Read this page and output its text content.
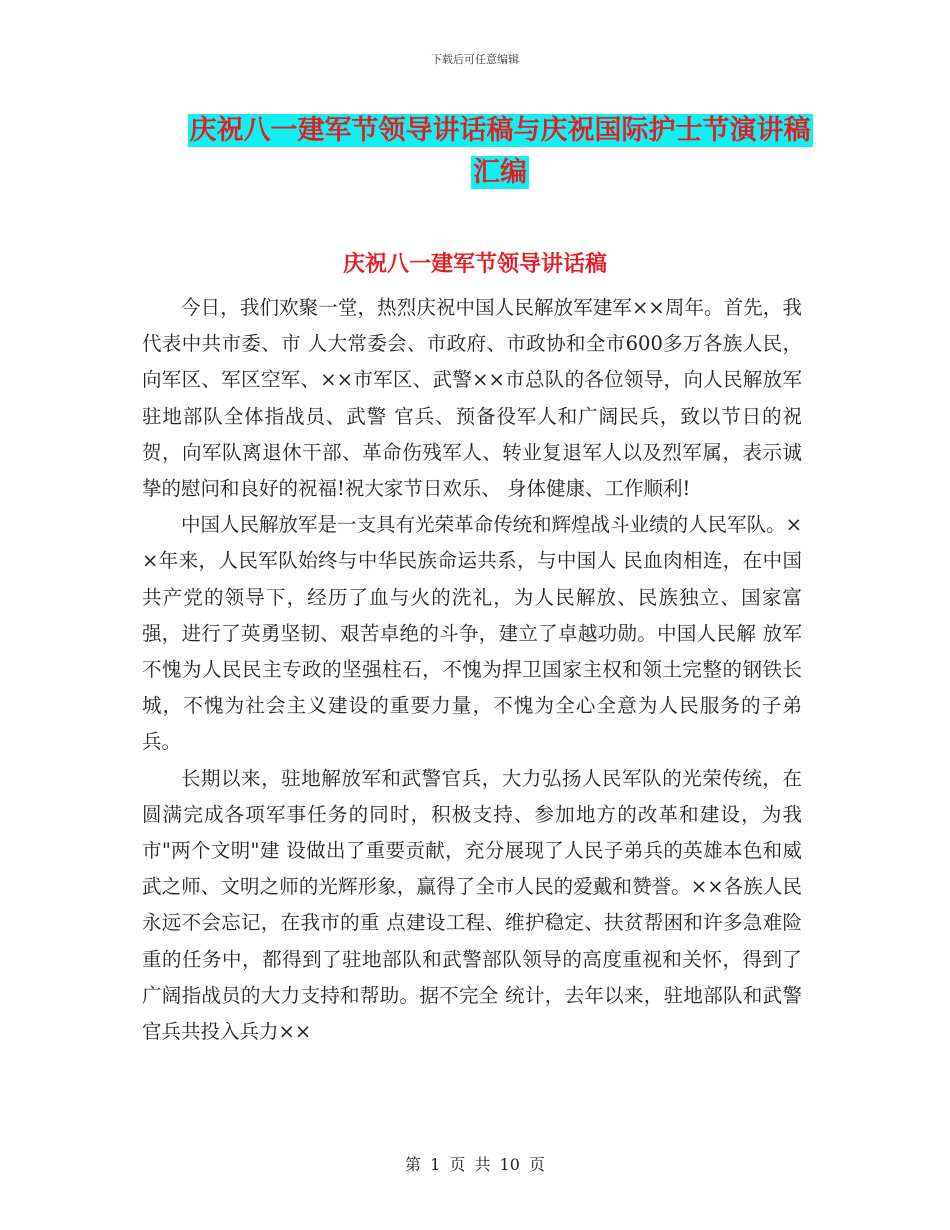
下载后可任意编辑
庆祝八一建军节领导讲话稿与庆祝国际护士节演讲稿
汇编
庆祝八一建军节领导讲话稿

今日，我们欢聚一堂，热烈庆祝中国人民解放军建军××周年。首先，我代表中共市委、市 人大常委会、市政府、市政协和全市600多万各族人民，向军区、军区空军、××市军区、武警××市总队的各位领导，向人民解放军驻地部队全体指战员、武警 官兵、预备役军人和广阔民兵，致以节日的祝贺，向军队离退休干部、革命伤残军人、转业复退军人以及烈军属，表示诚挚的慰问和良好的祝福!祝大家节日欢乐、 身体健康、工作顺利!

中国人民解放军是一支具有光荣革命传统和辉煌战斗业绩的人民军队。××年来，人民军队始终与中华民族命运共系，与中国人 民血肉相连，在中国共产党的领导下，经历了血与火的洗礼，为人民解放、民族独立、国家富强，进行了英勇坚韧、艰苦卓绝的斗争，建立了卓越功勋。中国人民解 放军不愧为人民民主专政的坚强柱石，不愧为捍卫国家主权和领土完整的钢铁长城，不愧为社会主义建设的重要力量，不愧为全心全意为人民服务的子弟兵。

长期以来，驻地解放军和武警官兵，大力弘扬人民军队的光荣传统，在圆满完成各项军事任务的同时，积极支持、参加地方的改革和建设，为我市"两个文明"建 设做出了重要贡献，充分展现了人民子弟兵的英雄本色和威武之师、文明之师的光辉形象，赢得了全市人民的爱戴和赞誉。××各族人民永远不会忘记，在我市的重 点建设工程、维护稳定、扶贫帮困和许多急难险重的任务中，都得到了驻地部队和武警部队领导的高度重视和关怀，得到了广阔指战员的大力支持和帮助。据不完全 统计，去年以来，驻地部队和武警官兵共投入兵力××

第 1 页 共 10 页
